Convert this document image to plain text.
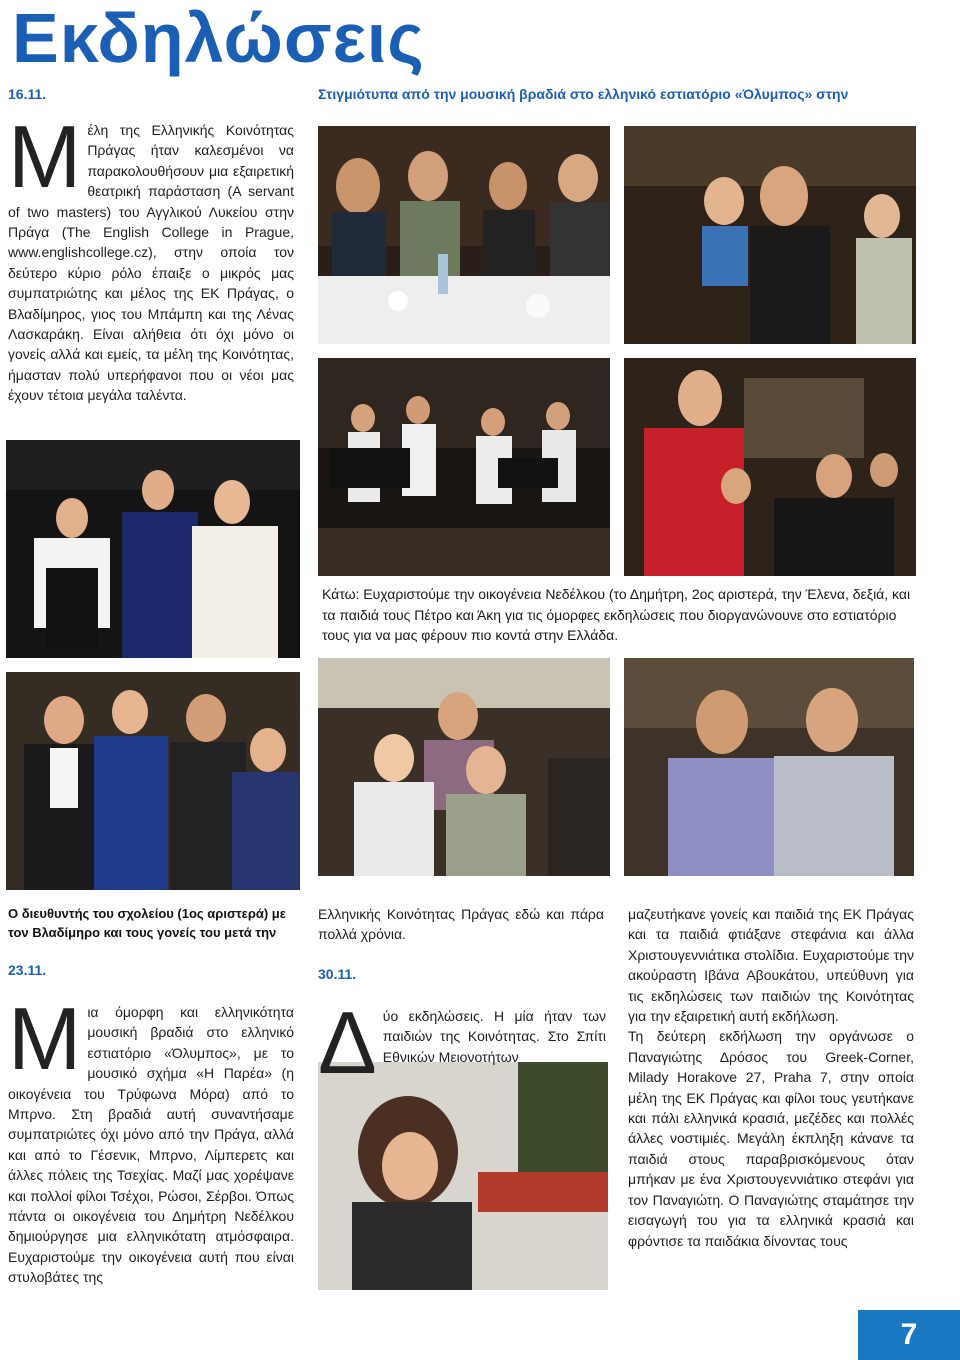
Εκδηλώσεις
16.11.	Στιγμιότυπα από την μουσική βραδιά στο ελληνικό εστιατόριο «Όλυμπος» στην
Μέλη της Ελληνικής Κοινότητας Πράγας ήταν καλεσμένοι να παρακολουθήσουν μια εξαιρετική θεατρική παράσταση (A servant of two masters) του Αγγλικού Λυκείου στην Πράγα (The English College in Prague, www.englishcollege.cz), στην οποία τον δεύτερο κύριο ρόλο έπαιξε ο μικρός μας συμπατριώτης και μέλος της ΕΚ Πράγας, ο Βλαδίμηρος, γιος του Μπάμπη και της Λένας Λασκαράκη. Είναι αλήθεια ότι όχι μόνο οι γονείς αλλά και εμείς, τα μέλη της Κοινότητας, ήμασταν πολύ υπερήφανοι που οι νέοι μας έχουν τέτοια μεγάλα ταλέντα.
Κάτω: Ευχαριστούμε την οικογένεια Νεδέλκου (το Δημήτρη, 2ος αριστερά, την Έλενα, δεξιά, και τα παιδιά τους Πέτρο και Άκη για τις όμορφες εκδηλώσεις που διοργανώνουνε στο εστιατόριο τους για να μας φέρουν πιο κοντά στην Ελλάδα.
Ο διευθυντής του σχολείου (1ος αριστερά) με τον Βλαδίμηρο και τους γονείς του μετά την
23.11.
Μια όμορφη και ελληνικότητα μουσική βραδιά στο ελληνικό εστιατόριο «Όλυμπος», με το μουσικό σχήμα «Η Παρέα» (η οικογένεια του Τρύφωνα Μόρα) από το Μπρνο. Στη βραδιά αυτή συναντήσαμε συμπατριώτες όχι μόνο από την Πράγα, αλλά και από το Γέσενικ, Μπρνο, Λίμπερετς και άλλες πόλεις της Τσεχίας. Μαζί μας χορέψανε και πολλοί φίλοι Τσέχοι, Ρώσοι, Σέρβοι. Όπως πάντα οι οικογένεια του Δημήτρη Νεδέλκου δημιούργησε μια ελληνικότατη ατμόσφαιρα. Ευχαριστούμε την οικογένεια αυτή που είναι στυλοβάτες της
Ελληνικής Κοινότητας Πράγας εδώ και πάρα πολλά χρόνια.
30.11.
Δύο εκδηλώσεις. Η μία ήταν των παιδιών της Κοινότητας. Στο Σπίτι Εθνικών Μειονοτήτων
μαζευτήκανε γονείς και παιδιά της ΕΚ Πράγας και τα παιδιά φτιάξανε στεφάνια και άλλα Χριστουγεννιάτικα στολίδια. Ευχαριστούμε την ακούραστη Ιβάνα Αβουκάτου, υπεύθυνη για τις εκδηλώσεις των παιδιών της Κοινότητας για την εξαιρετική αυτή εκδήλωση.
Τη δεύτερη εκδήλωση την οργάνωσε ο Παναγιώτης Δρόσος του Greek-Corner, Milady Horakove 27, Praha 7, στην οποία μέλη της ΕΚ Πράγας και φίλοι τους γευτήκανε και πάλι ελληνικά κρασιά, μεζέδες και πολλές άλλες νοστιμιές. Μεγάλη έκπληξη κάνανε τα παιδιά στους παραβρισκόμενους όταν μπήκαν με ένα Χριστουγεννιάτικο στεφάνι για τον Παναγιώτη. Ο Παναγιώτης σταμάτησε την εισαγωγή του για τα ελληνικά κρασιά και φρόντισε τα παιδάκια δίνοντας τους
7
